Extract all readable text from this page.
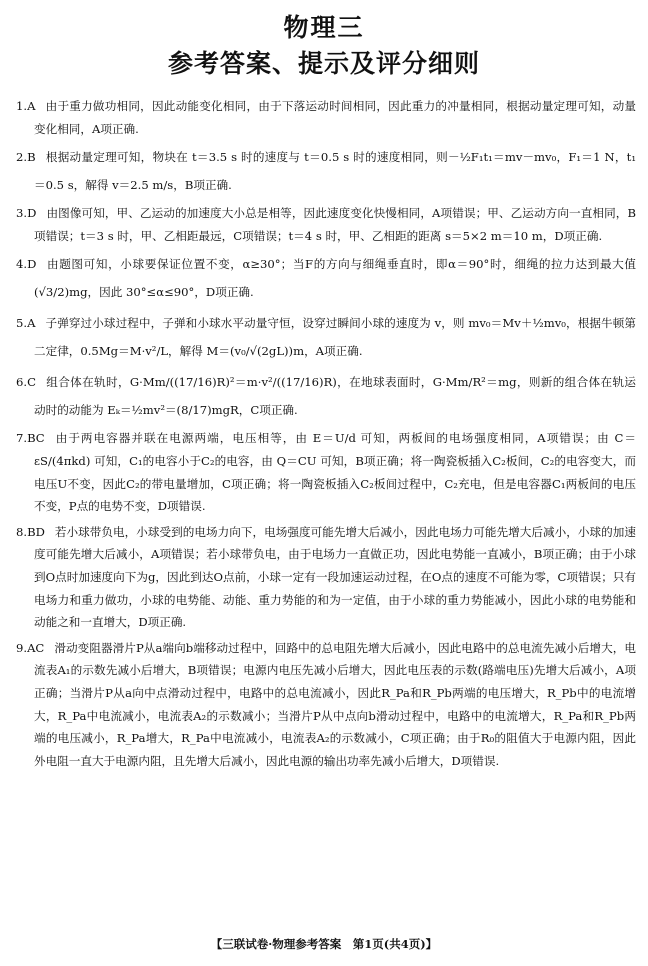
物理三
参考答案、提示及评分细则
1.A 由于重力做功相同，因此动能变化相同，由于下落运动时间相同，因此重力的冲量相同，根据动量定理可知，动量变化相同，A项正确.
2.B 根据动量定理可知，物块在 t＝3.5 s 时的速度与 t＝0.5 s 时的速度相同，则－½F₁t₁＝mv－mv₀，F₁＝1 N，t₁＝0.5 s，解得 v＝2.5 m/s，B项正确.
3.D 由图像可知，甲、乙运动的加速度大小总是相等，因此速度变化快慢相同，A项错误；甲、乙运动方向一直相同，B项错误；t＝3 s 时，甲、乙相距最远，C项错误；t＝4 s 时，甲、乙相距的距离 s＝5×2 m＝10 m，D项正确.
4.D 由题图可知，小球要保证位置不变，α≥30°；当F的方向与细绳垂直时，即α＝90°时，细绳的拉力达到最大值(√3/2)mg，因此 30°≤α≤90°，D项正确.
5.A 子弹穿过小球过程中，子弹和小球水平动量守恒，设穿过瞬间小球的速度为 v，则 mv₀＝Mv＋½mv₀，根据牛顿第二定律，0.5Mg＝M·v²/L，解得 M＝(v₀/√(2gL))m，A项正确.
6.C 组合体在轨时，G·Mm/((17/16)R)²＝m·v²/((17/16)R)，在地球表面时，G·Mm/R²＝mg，则新的组合体在轨运动时的动能为 Eₖ＝½mv²＝(8/17)mgR，C项正确.
7.BC 由于两电容器并联在电源两端，电压相等，由 E＝U/d 可知，两板间的电场强度相同，A项错误；由 C＝εS/(4πkd) 可知，C₁的电容小于C₂的电容，由 Q＝CU 可知，B项正确；将一陶瓷板插入C₂板间，C₂的电容变大，而电压U不变，因此C₂的带电量增加，C项正确；将一陶瓷板插入C₂板间过程中，C₂充电，但是电容器C₁两板间的电压不变，P点的电势不变，D项错误.
8.BD 若小球带负电，小球受到的电场力向下，电场强度可能先增大后减小，因此电场力可能先增大后减小，小球的加速度可能先增大后减小，A项错误；若小球带负电，由于电场力一直做正功，因此电势能一直减小，B项正确；由于小球到O点时加速度向下为g，因此到达O点前，小球一定有一段加速运动过程，在O点的速度不可能为零，C项错误；只有电场力和重力做功，小球的电势能、动能、重力势能的和为一定值，由于小球的重力势能减小，因此小球的电势能和动能之和一直增大，D项正确.
9.AC 滑动变阻器滑片P从a端向b端移动过程中，回路中的总电阻先增大后减小，因此电路中的总电流先减小后增大，电流表A₁的示数先减小后增大，B项错误；电源内电压先减小后增大，因此电压表的示数(路端电压)先增大后减小，A项正确；当滑片P从a向中点滑动过程中，电路中的总电流减小，因此R_Pa和R_Pb两端的电压增大，R_Pb中的电流增大，R_Pa中电流减小，电流表A₂的示数减小；当滑片P从中点向b滑动过程中，电路中的电流增大，R_Pa和R_Pb两端的电压减小，R_Pa增大，R_Pa中电流减小，电流表A₂的示数减小，C项正确；由于R₀的阻值大于电源内阻，因此外电阻一直大于电源内阻，且先增大后减小，因此电源的输出功率先减小后增大，D项错误.
【三联试卷·物理参考答案　第1页(共4页)】
